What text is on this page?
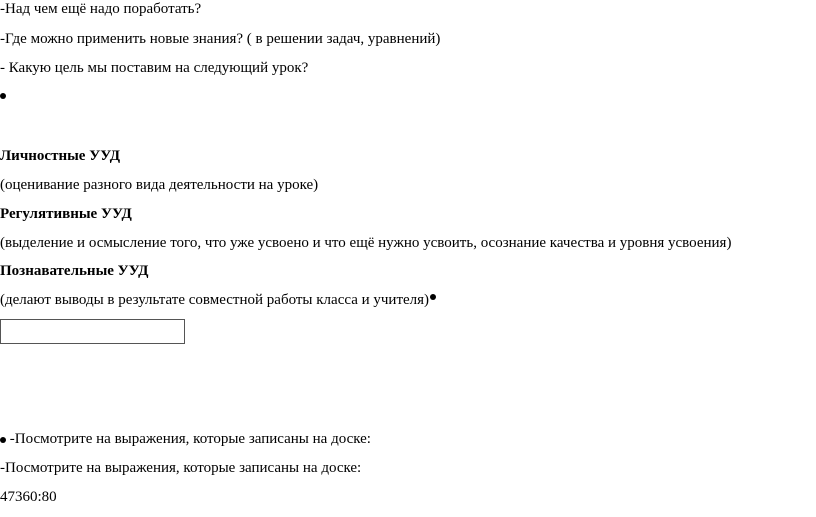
-Над чем ещё надо поработать?
-Где можно применить новые знания? ( в решении задач, уравнений)
- Какую цель мы поставим на следующий урок?
Личностные УУД
(оценивание разного вида деятельности на уроке)
Регулятивные УУД
(выделение и осмысление того, что уже усвоено и что ещё нужно усвоить, осознание качества и уровня усвоения)
Познавательные УУД
(делают выводы в результате совместной работы класса и учителя)
-Посмотрите на выражения, которые записаны на доске:
-Посмотрите на выражения, которые записаны на доске:
47360:80
